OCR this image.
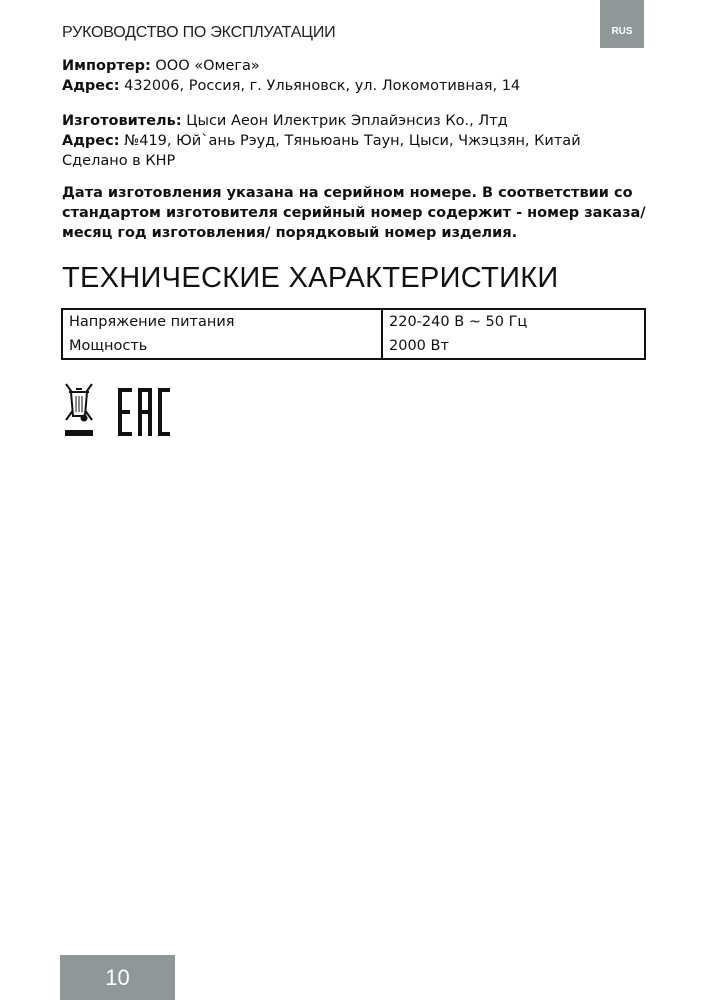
РУКОВОДСТВО ПО ЭКСПЛУАТАЦИИ	RUS

Импортер: ООО «Омега»

Адрес: 432006, Россия, г. Ульяновск, ул. Локомотивная, 14

Изготовитель: Цыси Аеон Илектрик Эплайэнсиз Ко., Лтд

Адрес: №419, Юй`ань Рэуд, Тяньюань Таун, Цыси, Чжэцзян, Китай

Сделано в КНР

Дата изготовления указана на серийном номере. В соответствии со стандартом изготовителя серийный номер содержит - номер заказа/месяц год изготовления/ порядковый номер изделия.
ТЕХНИЧЕСКИЕ ХАРАКТЕРИСТИКИ
Напряжение питания	220-240 В ~ 50 Гц
Мощность	2000 Вт
10
